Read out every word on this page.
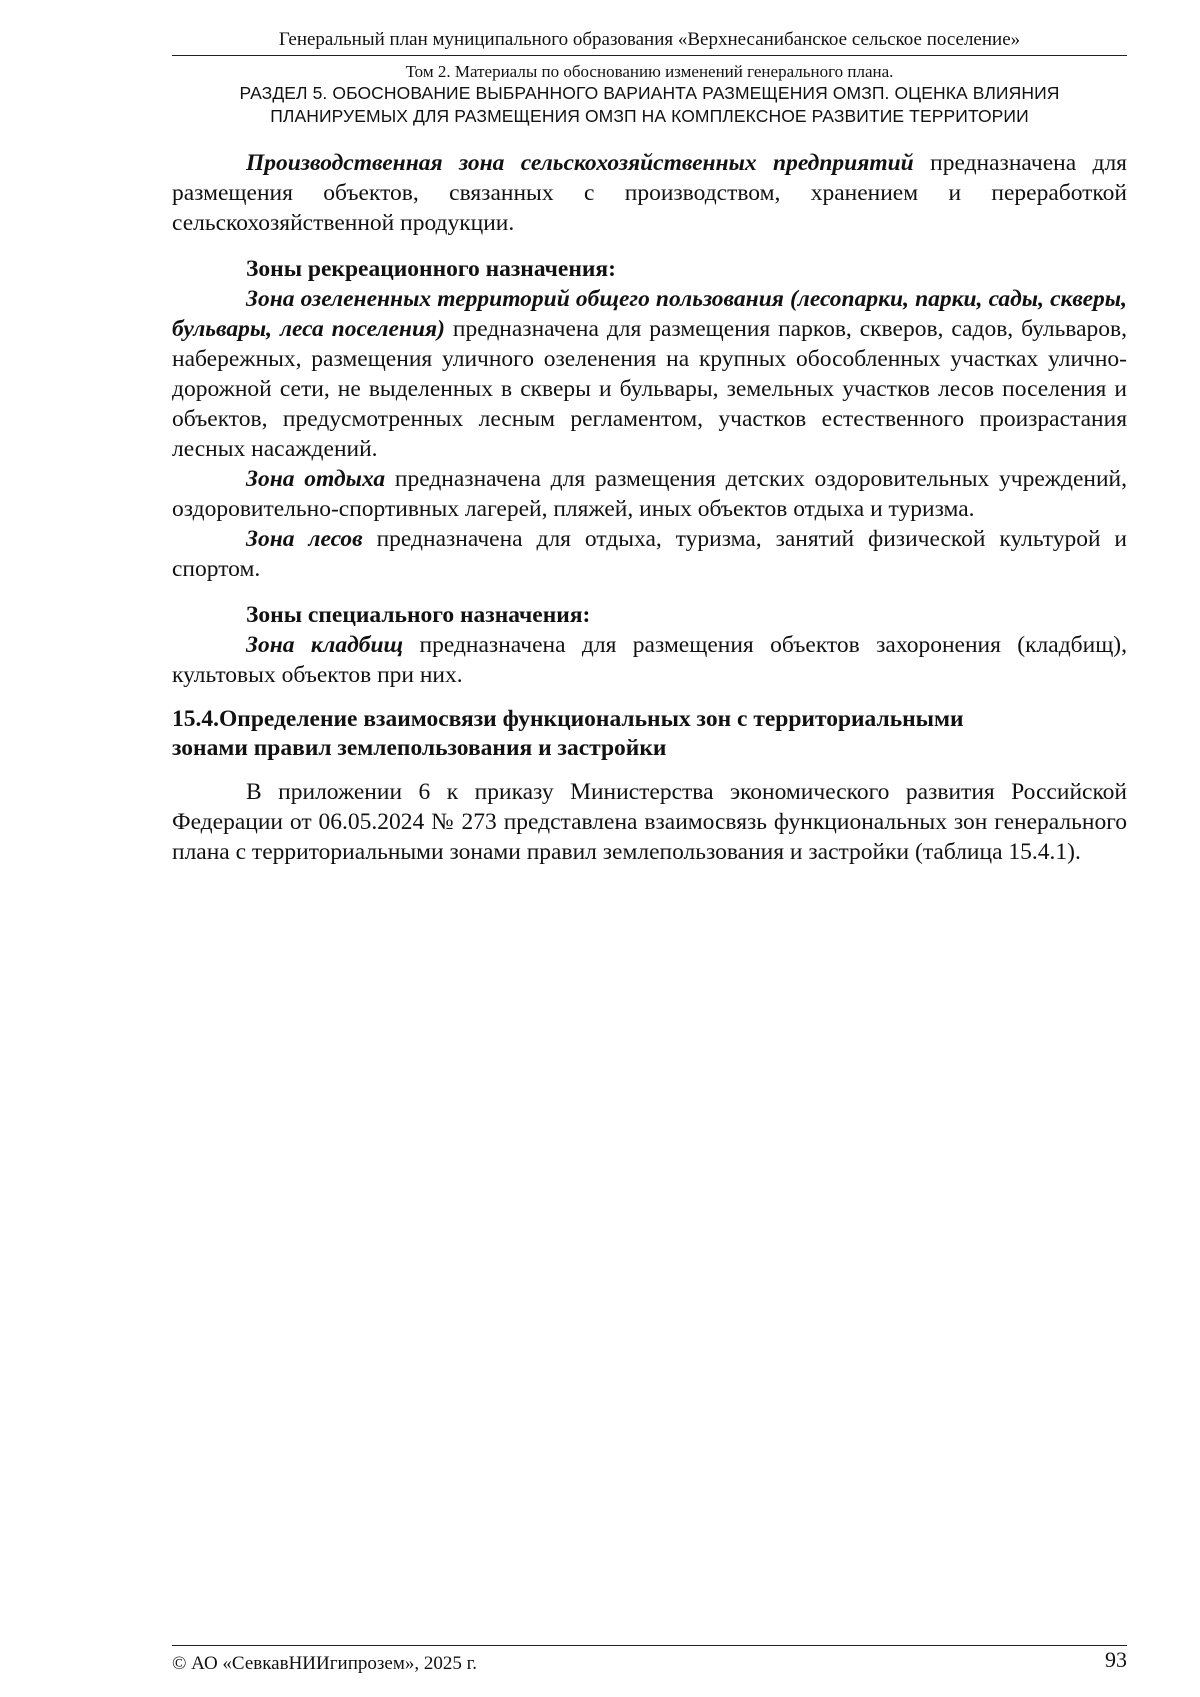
Генеральный план муниципального образования «Верхнесанибанское сельское поселение»
Том 2. Материалы по обоснованию изменений генерального плана.
РАЗДЕЛ 5. ОБОСНОВАНИЕ ВЫБРАННОГО ВАРИАНТА РАЗМЕЩЕНИЯ ОМЗП. ОЦЕНКА ВЛИЯНИЯ
ПЛАНИРУЕМЫХ ДЛЯ РАЗМЕЩЕНИЯ ОМЗП НА КОМПЛЕКСНОЕ РАЗВИТИЕ ТЕРРИТОРИИ

Производственная зона сельскохозяйственных предприятий предназначена для размещения объектов, связанных с производством, хранением и переработкой сельскохозяйственной продукции.

Зоны рекреационного назначения:

Зона озелененных территорий общего пользования (лесопарки, парки, сады, скверы, бульвары, леса поселения) предназначена для размещения парков, скверов, садов, бульваров, набережных, размещения уличного озеленения на крупных обособленных участках улично-дорожной сети, не выделенных в скверы и бульвары, земельных участков лесов поселения и объектов, предусмотренных лесным регламентом, участков естественного произрастания лесных насаждений.

Зона отдыха предназначена для размещения детских оздоровительных учреждений, оздоровительно-спортивных лагерей, пляжей, иных объектов отдыха и туризма.

Зона лесов предназначена для отдыха, туризма, занятий физической культурой и спортом.

Зоны специального назначения:

Зона кладбищ предназначена для размещения объектов захоронения (кладбищ), культовых объектов при них.

15.4.Определение взаимосвязи функциональных зон с территориальными
зонами правил землепользования и застройки

В приложении 6 к приказу Министерства экономического развития Российской Федерации от 06.05.2024 № 273 представлена взаимосвязь функциональных зон генерального плана с территориальными зонами правил землепользования и застройки (таблица 15.4.1).

© АО «СевкавНИИгипрозем», 2025 г.	93
